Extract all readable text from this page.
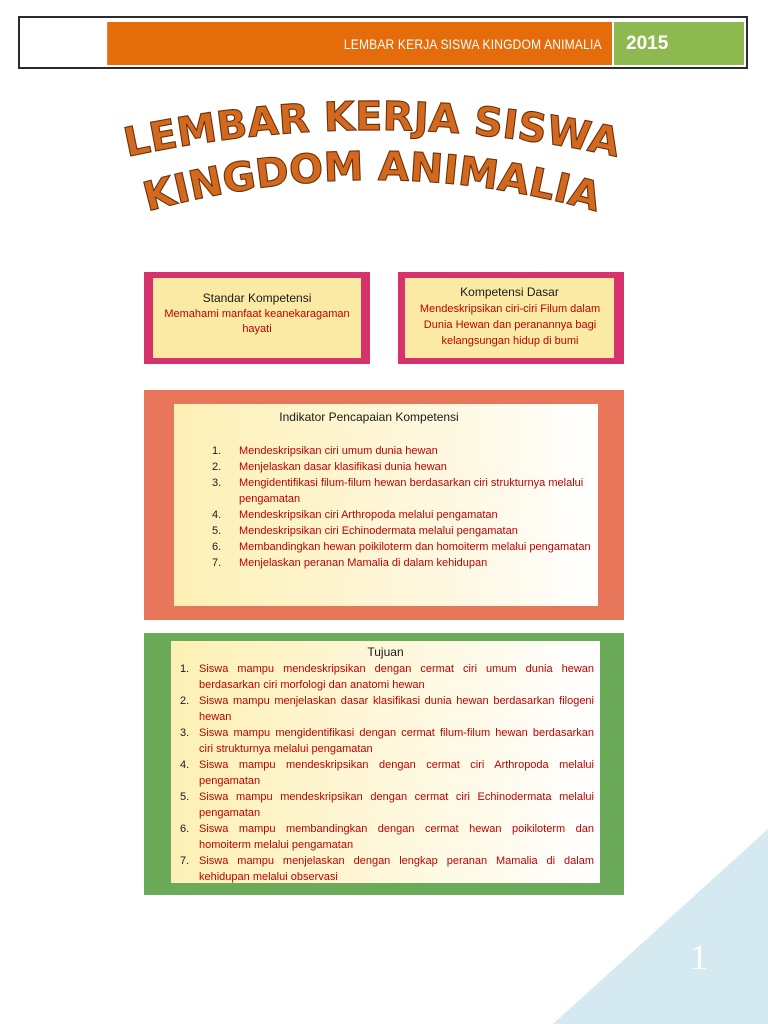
LEMBAR KERJA SISWA KINGDOM ANIMALIA	2015
LEMBAR KERJA SISWA
KINGDOM ANIMALIA
Standar Kompetensi
Memahami manfaat keanekaragaman hayati
Kompetensi Dasar
Mendeskripsikan ciri-ciri Filum dalam Dunia Hewan dan peranannya bagi kelangsungan hidup di bumi
Indikator Pencapaian Kompetensi
1. Mendeskripsikan ciri umum dunia hewan
2. Menjelaskan dasar klasifikasi dunia hewan
3. Mengidentifikasi filum-filum hewan berdasarkan ciri strukturnya melalui pengamatan
4. Mendeskripsikan ciri Arthropoda melalui pengamatan
5. Mendeskripsikan ciri Echinodermata melalui pengamatan
6. Membandingkan hewan poikiloterm dan homoiterm melalui pengamatan
7. Menjelaskan peranan Mamalia di dalam kehidupan
Tujuan
1. Siswa mampu mendeskripsikan dengan cermat ciri umum dunia hewan berdasarkan ciri morfologi dan anatomi hewan
2. Siswa mampu menjelaskan dasar klasifikasi dunia hewan berdasarkan filogeni hewan
3. Siswa mampu mengidentifikasi dengan cermat filum-filum hewan berdasarkan ciri strukturnya melalui pengamatan
4. Siswa mampu mendeskripsikan dengan cermat ciri Arthropoda melalui pengamatan
5. Siswa mampu mendeskripsikan dengan cermat ciri Echinodermata melalui pengamatan
6. Siswa mampu membandingkan dengan cermat hewan poikiloterm dan homoiterm melalui pengamatan
7. Siswa mampu menjelaskan dengan lengkap peranan Mamalia di dalam kehidupan melalui observasi
1
